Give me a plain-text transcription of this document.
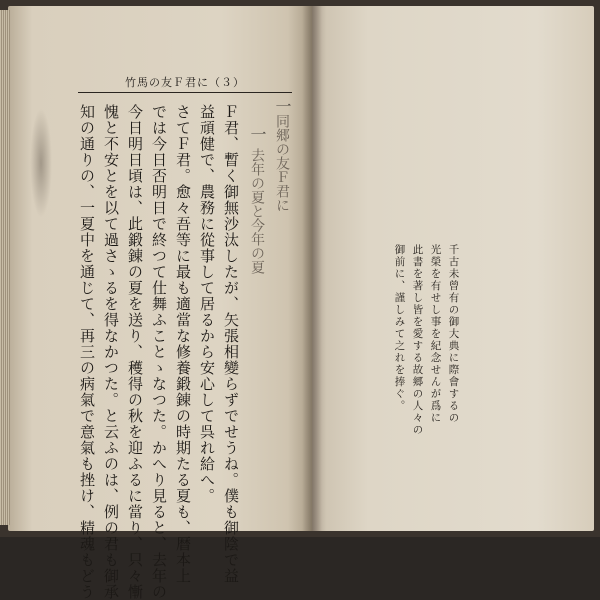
竹馬の友Ｆ君に（３）
一同郷の友Ｆ君に
一去年の夏と今年の夏
Ｆ君、暫く御無沙汰したが、矢張相變らずでせうね。僕も御陰で益
益頑健で、農務に從事して居るから安心して呉れ給へ。
さてＦ君。愈々吾等に最も適當な修養鍛錬の時期たる夏も、暦本上
では今日否明日で終つて仕舞ふことゝなつた。かへり見ると、去年の
今日明日頃は、此鍛錬の夏を送り、穫得の秋を迎ふるに當り、只々慚
愧と不安とを以て過さゝるを得なかつた。と云ふのは、例の君も御承
知の通りの、一夏中を通じて、再三の病氣で意氣も挫け、精魂もどう	千古未曾有の御大典に際會するの
光榮を有せし事を紀念せんが爲に
此書を著し皆を愛する故郷の人々の
御前に、謹しみて之れを捧ぐ。
